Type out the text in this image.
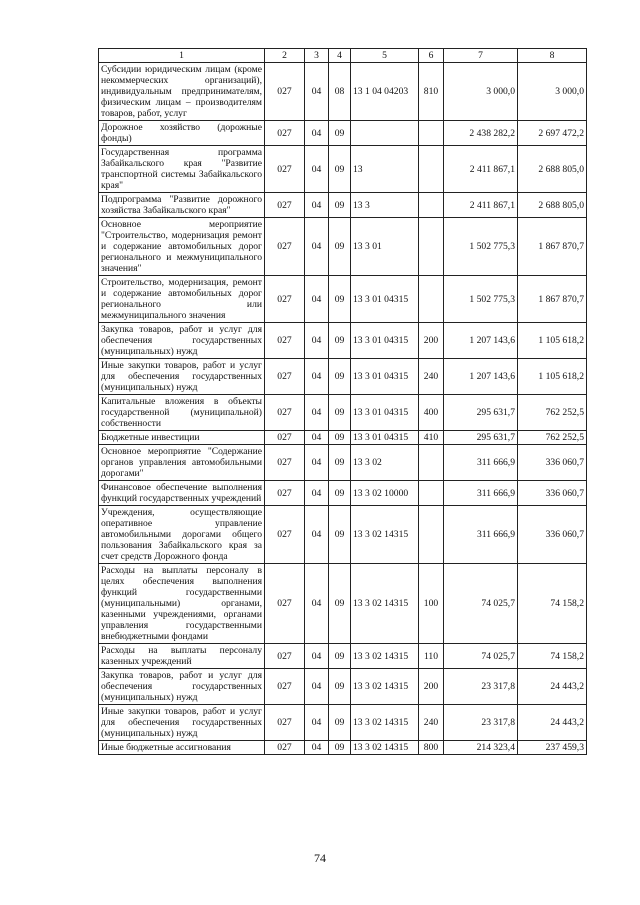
1	2	3	4	5	6	7	8
Субсидии юридическим лицам (кроме некоммерческих организаций), индивидуальным предпринимателям, физическим лицам – производителям товаров, работ, услуг	027	04	08	13 1 04 04203	810	3 000,0	3 000,0
Дорожное хозяйство (дорожные фонды)	027	04	09			2 438 282,2	2 697 472,2
Государственная программа Забайкальского края "Развитие транспортной системы Забайкальского края"	027	04	09	13		2 411 867,1	2 688 805,0
Подпрограмма "Развитие дорожного хозяйства Забайкальского края"	027	04	09	13 3		2 411 867,1	2 688 805,0
Основное мероприятие "Строительство, модернизация ремонт и содержание автомобильных дорог регионального и межмуниципального значения"	027	04	09	13 3 01		1 502 775,3	1 867 870,7
Строительство, модернизация, ремонт и содержание автомобильных дорог регионального или межмуниципального значения	027	04	09	13 3 01 04315		1 502 775,3	1 867 870,7
Закупка товаров, работ и услуг для обеспечения государственных (муниципальных) нужд	027	04	09	13 3 01 04315	200	1 207 143,6	1 105 618,2
Иные закупки товаров, работ и услуг для обеспечения государственных (муниципальных) нужд	027	04	09	13 3 01 04315	240	1 207 143,6	1 105 618,2
Капитальные вложения в объекты государственной (муниципальной) собственности	027	04	09	13 3 01 04315	400	295 631,7	762 252,5
Бюджетные инвестиции	027	04	09	13 3 01 04315	410	295 631,7	762 252,5
Основное мероприятие "Содержание органов управления автомобильными дорогами"	027	04	09	13 3 02		311 666,9	336 060,7
Финансовое обеспечение выполнения функций государственных учреждений	027	04	09	13 3 02 10000		311 666,9	336 060,7
Учреждения, осуществляющие оперативное управление автомобильными дорогами общего пользования Забайкальского края за счет средств Дорожного фонда	027	04	09	13 3 02 14315		311 666,9	336 060,7
Расходы на выплаты персоналу в целях обеспечения выполнения функций государственными (муниципальными) органами, казенными учреждениями, органами управления государственными внебюджетными фондами	027	04	09	13 3 02 14315	100	74 025,7	74 158,2
Расходы на выплаты персоналу казенных учреждений	027	04	09	13 3 02 14315	110	74 025,7	74 158,2
Закупка товаров, работ и услуг для обеспечения государственных (муниципальных) нужд	027	04	09	13 3 02 14315	200	23 317,8	24 443,2
Иные закупки товаров, работ и услуг для обеспечения государственных (муниципальных) нужд	027	04	09	13 3 02 14315	240	23 317,8	24 443,2
Иные бюджетные ассигнования	027	04	09	13 3 02 14315	800	214 323,4	237 459,3
74
